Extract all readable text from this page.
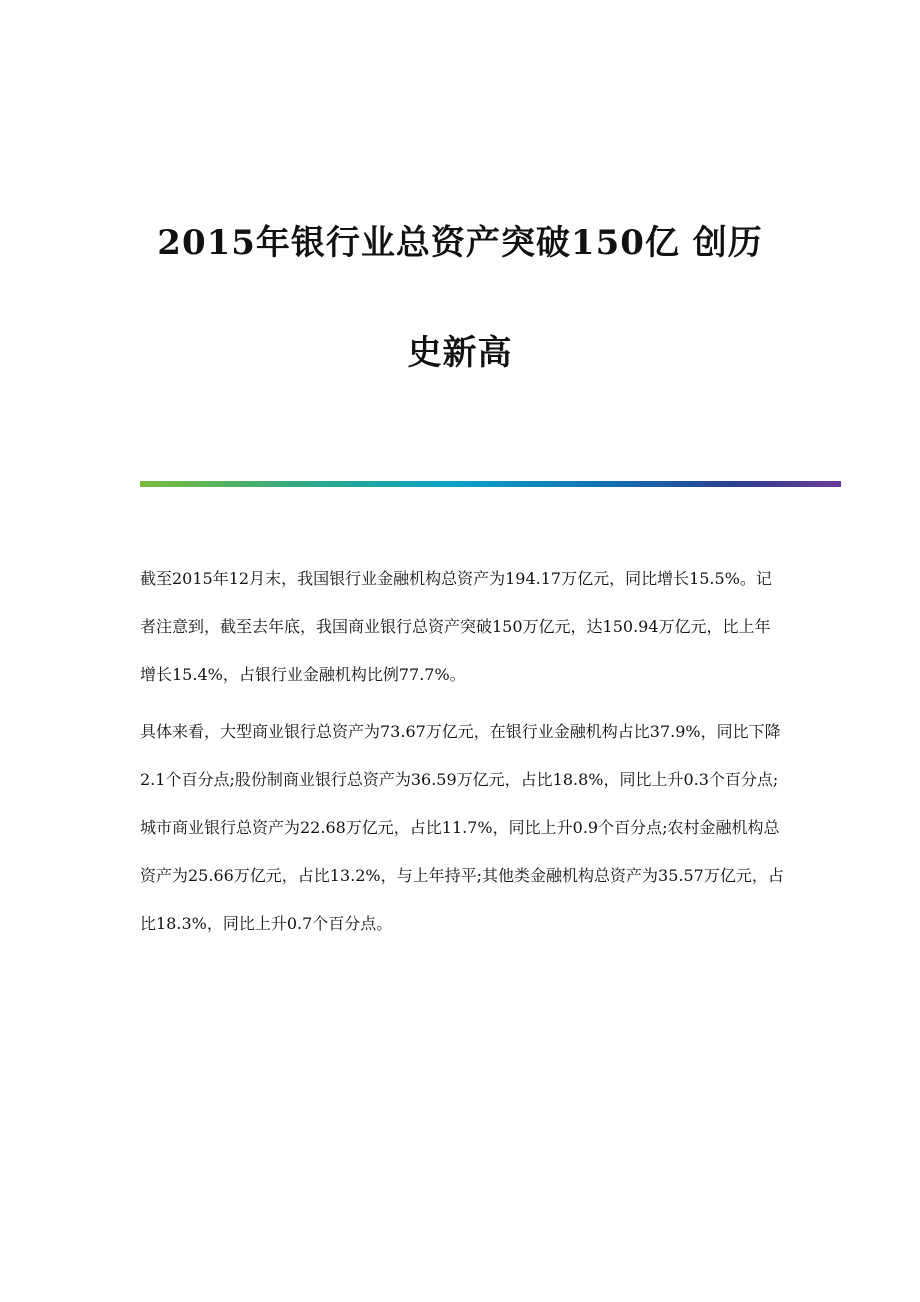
2015年银行业总资产突破150亿 创历
史新高

截至2015年12月末，我国银行业金融机构总资产为194.17万亿元，同比增长15.5%。记者注意到，截至去年底，我国商业银行总资产突破150万亿元，达150.94万亿元，比上年增长15.4%，占银行业金融机构比例77.7%。

具体来看，大型商业银行总资产为73.67万亿元，在银行业金融机构占比37.9%，同比下降2.1个百分点;股份制商业银行总资产为36.59万亿元，占比18.8%，同比上升0.3个百分点;城市商业银行总资产为22.68万亿元，占比11.7%，同比上升0.9个百分点;农村金融机构总资产为25.66万亿元，占比13.2%，与上年持平;其他类金融机构总资产为35.57万亿元，占比18.3%，同比上升0.7个百分点。
